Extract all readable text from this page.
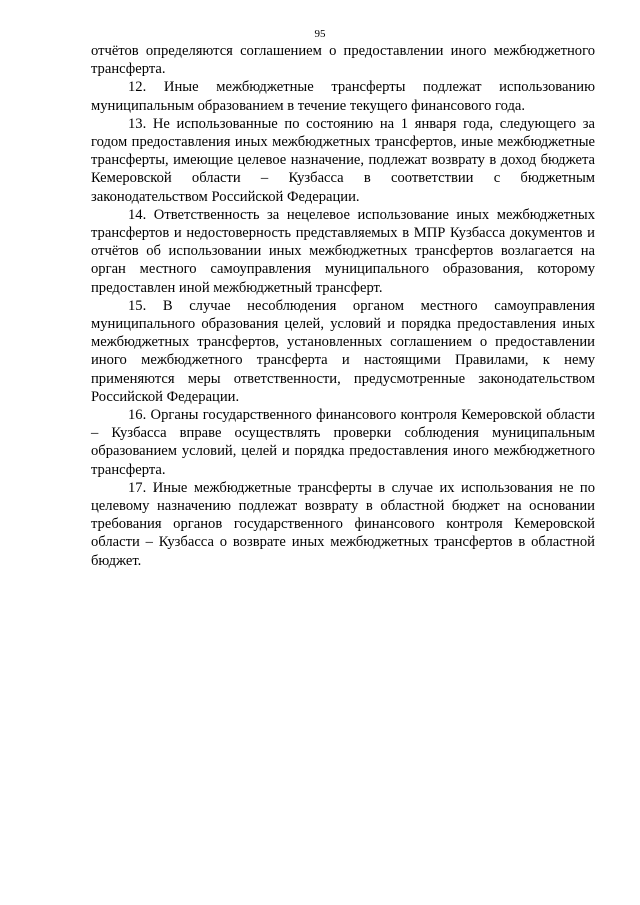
95

отчётов определяются соглашением о предоставлении иного межбюджетного трансферта.

12. Иные межбюджетные трансферты подлежат использованию муниципальным образованием в течение текущего финансового года.

13. Не использованные по состоянию на 1 января года, следующего за годом предоставления иных межбюджетных трансфертов, иные межбюджетные трансферты, имеющие целевое назначение, подлежат возврату в доход бюджета Кемеровской области – Кузбасса в соответствии с бюджетным законодательством Российской Федерации.

14. Ответственность за нецелевое использование иных межбюджетных трансфертов и недостоверность представляемых в МПР Кузбасса документов и отчётов об использовании иных межбюджетных трансфертов возлагается на орган местного самоуправления муниципального образования, которому предоставлен иной межбюджетный трансферт.

15. В случае несоблюдения органом местного самоуправления муниципального образования целей, условий и порядка предоставления иных межбюджетных трансфертов, установленных соглашением о предоставлении иного межбюджетного трансферта и настоящими Правилами, к нему применяются меры ответственности, предусмотренные законодательством Российской Федерации.

16. Органы государственного финансового контроля Кемеровской области – Кузбасса вправе осуществлять проверки соблюдения муниципальным образованием условий, целей и порядка предоставления иного межбюджетного трансферта.

17. Иные межбюджетные трансферты в случае их использования не по целевому назначению подлежат возврату в областной бюджет на основании требования органов государственного финансового контроля Кемеровской области – Кузбасса о возврате иных межбюджетных трансфертов в областной бюджет.
